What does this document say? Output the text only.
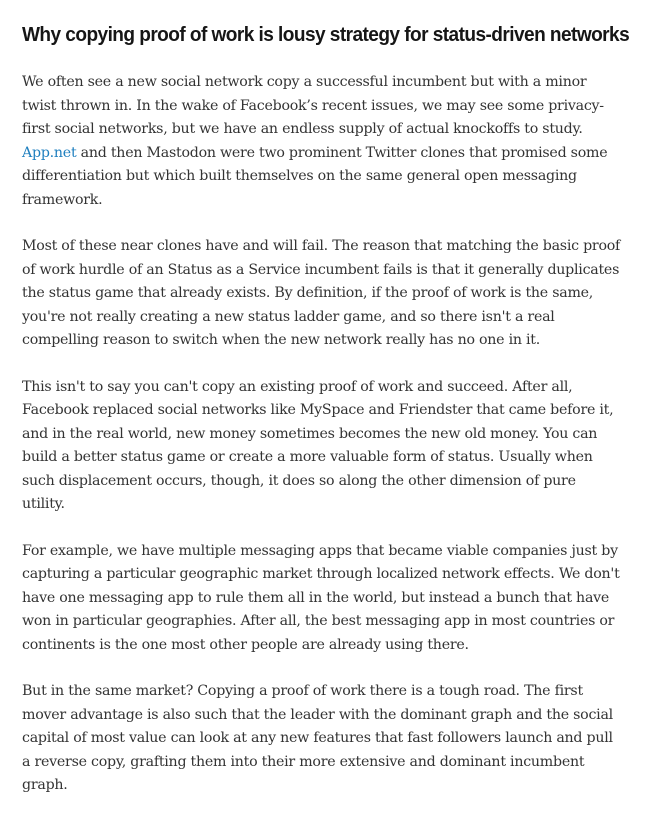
Why copying proof of work is lousy strategy for status-driven networks

We often see a new social network copy a successful incumbent but with a minor twist thrown in. In the wake of Facebook’s recent issues, we may see some privacy-first social networks, but we have an endless supply of actual knockoffs to study. App.net and then Mastodon were two prominent Twitter clones that promised some differentiation but which built themselves on the same general open messaging framework.

Most of these near clones have and will fail. The reason that matching the basic proof of work hurdle of an Status as a Service incumbent fails is that it generally duplicates the status game that already exists. By definition, if the proof of work is the same, you're not really creating a new status ladder game, and so there isn't a real compelling reason to switch when the new network really has no one in it.

This isn't to say you can't copy an existing proof of work and succeed. After all, Facebook replaced social networks like MySpace and Friendster that came before it, and in the real world, new money sometimes becomes the new old money. You can build a better status game or create a more valuable form of status. Usually when such displacement occurs, though, it does so along the other dimension of pure utility.

For example, we have multiple messaging apps that became viable companies just by capturing a particular geographic market through localized network effects. We don't have one messaging app to rule them all in the world, but instead a bunch that have won in particular geographies. After all, the best messaging app in most countries or continents is the one most other people are already using there.

But in the same market? Copying a proof of work there is a tough road. The first mover advantage is also such that the leader with the dominant graph and the social capital of most value can look at any new features that fast followers launch and pull a reverse copy, grafting them into their more extensive and dominant incumbent graph.
